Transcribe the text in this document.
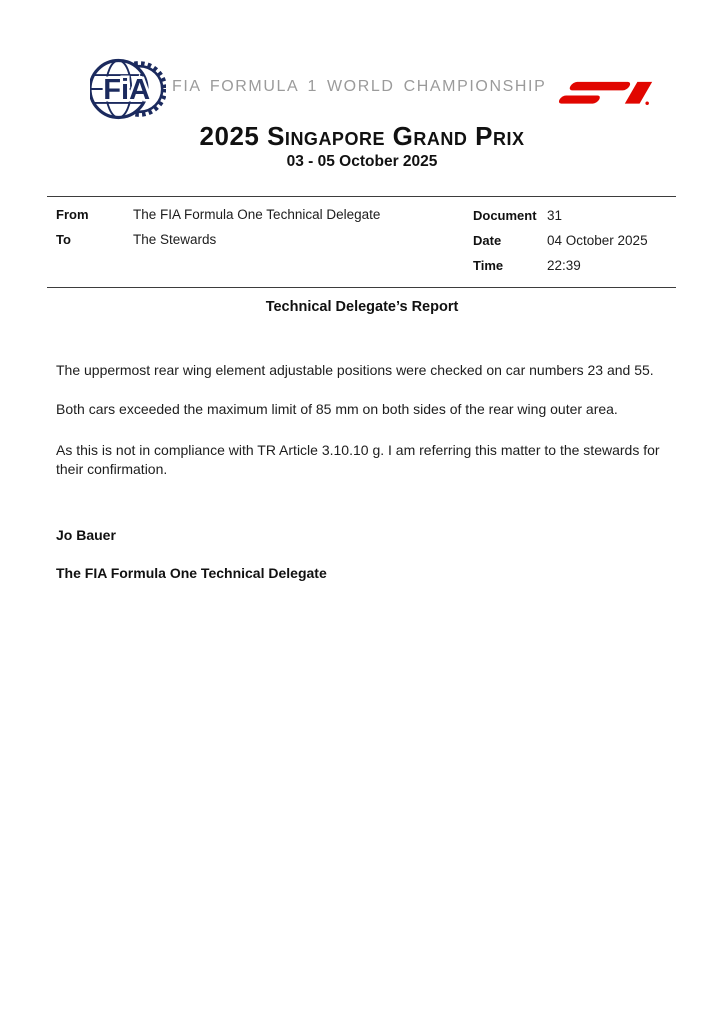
FiA FIA FORMULA 1 WORLD CHAMPIONSHIP
2025 Singapore Grand Prix
03 - 05 October 2025
From	The FIA Formula One Technical Delegate
To	The Stewards
Document 31
Date	04 October 2025
Time	22:39
Technical Delegate’s Report

The uppermost rear wing element adjustable positions were checked on car numbers 23 and 55.

Both cars exceeded the maximum limit of 85 mm on both sides of the rear wing outer area.

As this is not in compliance with TR Article 3.10.10 g. I am referring this matter to the stewards for their confirmation.

Jo Bauer
The FIA Formula One Technical Delegate
